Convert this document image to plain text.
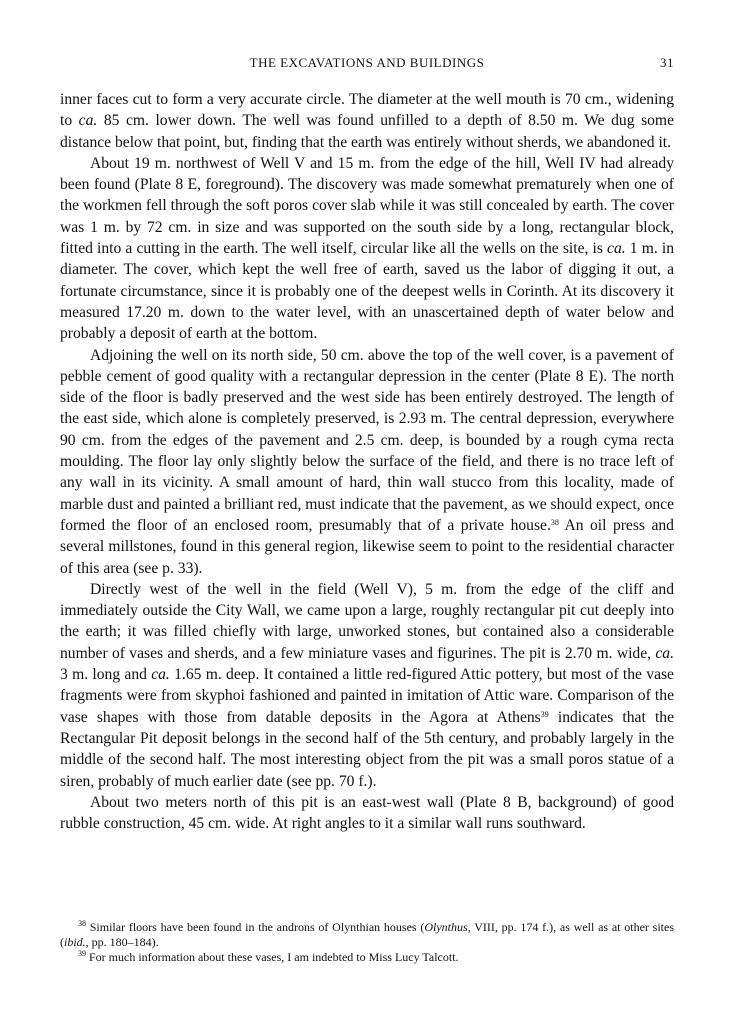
THE EXCAVATIONS AND BUILDINGS	31

inner faces cut to form a very accurate circle. The diameter at the well mouth is 70 cm., widening to ca. 85 cm. lower down. The well was found unfilled to a depth of 8.50 m. We dug some distance below that point, but, finding that the earth was entirely without sherds, we abandoned it.

About 19 m. northwest of Well V and 15 m. from the edge of the hill, Well IV had already been found (Plate 8 E, foreground). The discovery was made somewhat prematurely when one of the workmen fell through the soft poros cover slab while it was still concealed by earth. The cover was 1 m. by 72 cm. in size and was supported on the south side by a long, rectangular block, fitted into a cutting in the earth. The well itself, circular like all the wells on the site, is ca. 1 m. in diameter. The cover, which kept the well free of earth, saved us the labor of digging it out, a fortunate circumstance, since it is probably one of the deepest wells in Corinth. At its discovery it measured 17.20 m. down to the water level, with an unascertained depth of water below and probably a deposit of earth at the bottom.

Adjoining the well on its north side, 50 cm. above the top of the well cover, is a pavement of pebble cement of good quality with a rectangular depression in the center (Plate 8 E). The north side of the floor is badly preserved and the west side has been entirely destroyed. The length of the east side, which alone is completely preserved, is 2.93 m. The central depression, everywhere 90 cm. from the edges of the pavement and 2.5 cm. deep, is bounded by a rough cyma recta moulding. The floor lay only slightly below the surface of the field, and there is no trace left of any wall in its vicinity. A small amount of hard, thin wall stucco from this locality, made of marble dust and painted a brilliant red, must indicate that the pavement, as we should expect, once formed the floor of an enclosed room, presumably that of a private house.$^{38}$ An oil press and several millstones, found in this general region, likewise seem to point to the residential character of this area (see p. 33).

Directly west of the well in the field (Well V), 5 m. from the edge of the cliff and immediately outside the City Wall, we came upon a large, roughly rectangular pit cut deeply into the earth; it was filled chiefly with large, unworked stones, but contained also a considerable number of vases and sherds, and a few miniature vases and figurines. The pit is 2.70 m. wide, ca. 3 m. long and ca. 1.65 m. deep. It contained a little red-figured Attic pottery, but most of the vase fragments were from skyphoi fashioned and painted in imitation of Attic ware. Comparison of the vase shapes with those from datable deposits in the Agora at Athens$^{39}$ indicates that the Rectangular Pit deposit belongs in the second half of the 5th century, and probably largely in the middle of the second half. The most interesting object from the pit was a small poros statue of a siren, probably of much earlier date (see pp. 70 f.).

About two meters north of this pit is an east-west wall (Plate 8 B, background) of good rubble construction, 45 cm. wide. At right angles to it a similar wall runs southward.

$^{38}$ Similar floors have been found in the androns of Olynthian houses (Olynthus, VIII, pp. 174 f.), as well as at other sites (ibid., pp. 180–184).

$^{39}$ For much information about these vases, I am indebted to Miss Lucy Talcott.
